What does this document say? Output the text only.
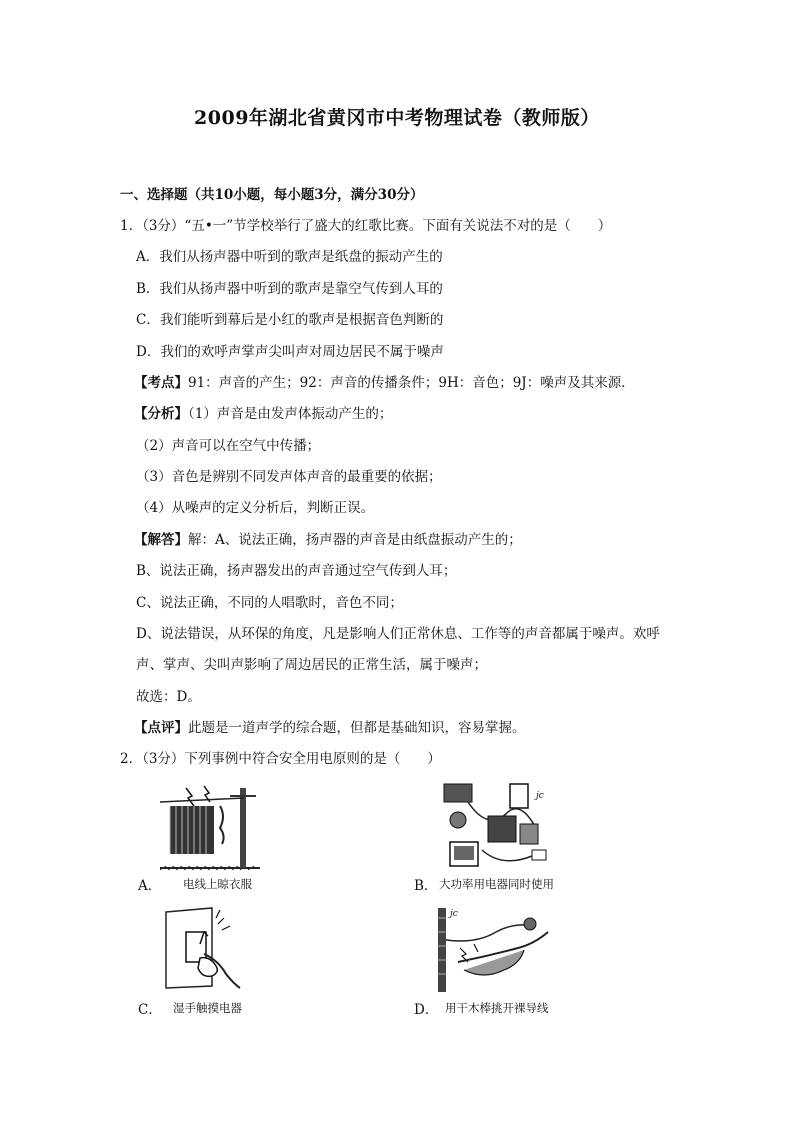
2009年湖北省黄冈市中考物理试卷（教师版）
一、选择题（共10小题，每小题3分，满分30分）
1．（3分）“五•一”节学校举行了盛大的红歌比赛。下面有关说法不对的是（　　）
A．我们从扬声器中听到的歌声是纸盘的振动产生的
B．我们从扬声器中听到的歌声是靠空气传到人耳的
C．我们能听到幕后是小红的歌声是根据音色判断的
D．我们的欢呼声掌声尖叫声对周边居民不属于噪声
【考点】91：声音的产生；92：声音的传播条件；9H：音色；9J：噪声及其来源．
【分析】（1）声音是由发声体振动产生的；
（2）声音可以在空气中传播；
（3）音色是辨别不同发声体声音的最重要的依据；
（4）从噪声的定义分析后，判断正误。
【解答】解：A、说法正确，扬声器的声音是由纸盘振动产生的；
B、说法正确，扬声器发出的声音通过空气传到人耳；
C、说法正确，不同的人唱歌时，音色不同；
D、说法错误，从环保的角度，凡是影响人们正常休息、工作等的声音都属于噪声。欢呼
声、掌声、尖叫声影响了周边居民的正常生活，属于噪声；
故选：D。
【点评】此题是一道声学的综合题，但都是基础知识，容易掌握。
2．（3分）下列事例中符合安全用电原则的是（　　）
A． 电线上晾衣服
jc
B． 大功率用电器同时使用
C． 湿手触摸电器
jc
D． 用干木棒挑开裸导线
